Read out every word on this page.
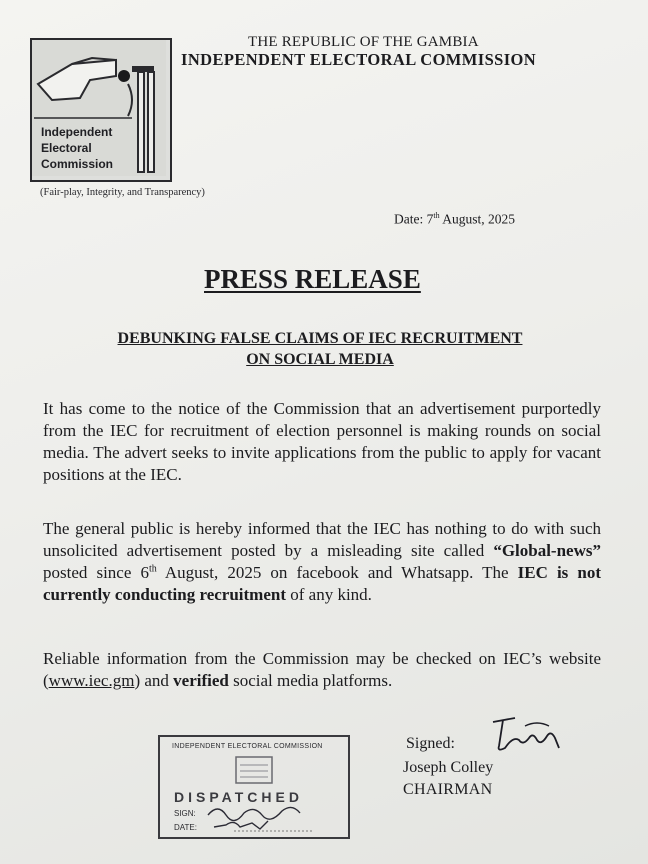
Independent
Electoral
Commission
(Fair-play, Integrity, and Transparency)
THE REPUBLIC OF THE GAMBIA
INDEPENDENT ELECTORAL COMMISSION
Date: 7th August, 2025
PRESS RELEASE
DEBUNKING FALSE CLAIMS OF IEC RECRUITMENT
ON SOCIAL MEDIA
It has come to the notice of the Commission that an advertisement purportedly from the IEC for recruitment of election personnel is making rounds on social media. The advert seeks to invite applications from the public to apply for vacant positions at the IEC.
The general public is hereby informed that the IEC has nothing to do with such unsolicited advertisement posted by a misleading site called “Global-news” posted since 6th August, 2025 on facebook and Whatsapp. The IEC is not currently conducting recruitment of any kind.
Reliable information from the Commission may be checked on IEC’s website (www.iec.gm) and verified social media platforms.
INDEPENDENT ELECTORAL COMMISSION
DISPATCHED
SIGN:
DATE:
Signed:
Joseph Colley
CHAIRMAN
